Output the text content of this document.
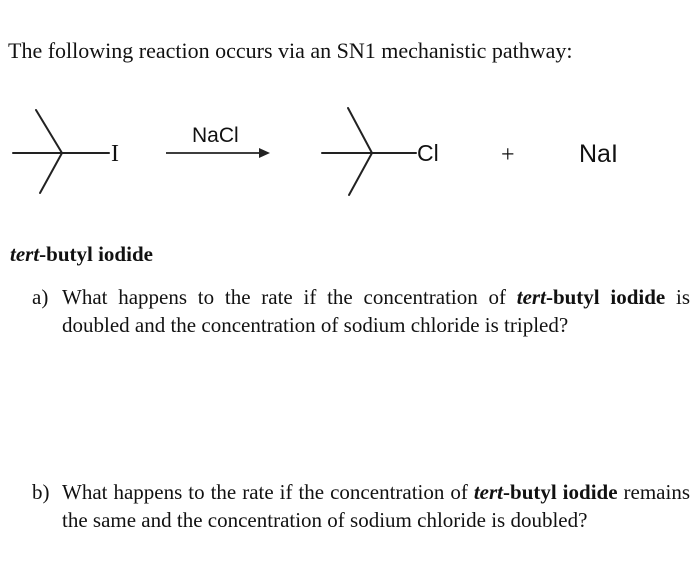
The following reaction occurs via an SN1 mechanistic pathway:
I
NaCl
Cl	+	NaI
tert-butyl iodide
a) What happens to the rate if the concentration of tert-butyl iodide is doubled and the concentration of sodium chloride is tripled?
b) What happens to the rate if the concentration of tert-butyl iodide remains the same and the concentration of sodium chloride is doubled?
